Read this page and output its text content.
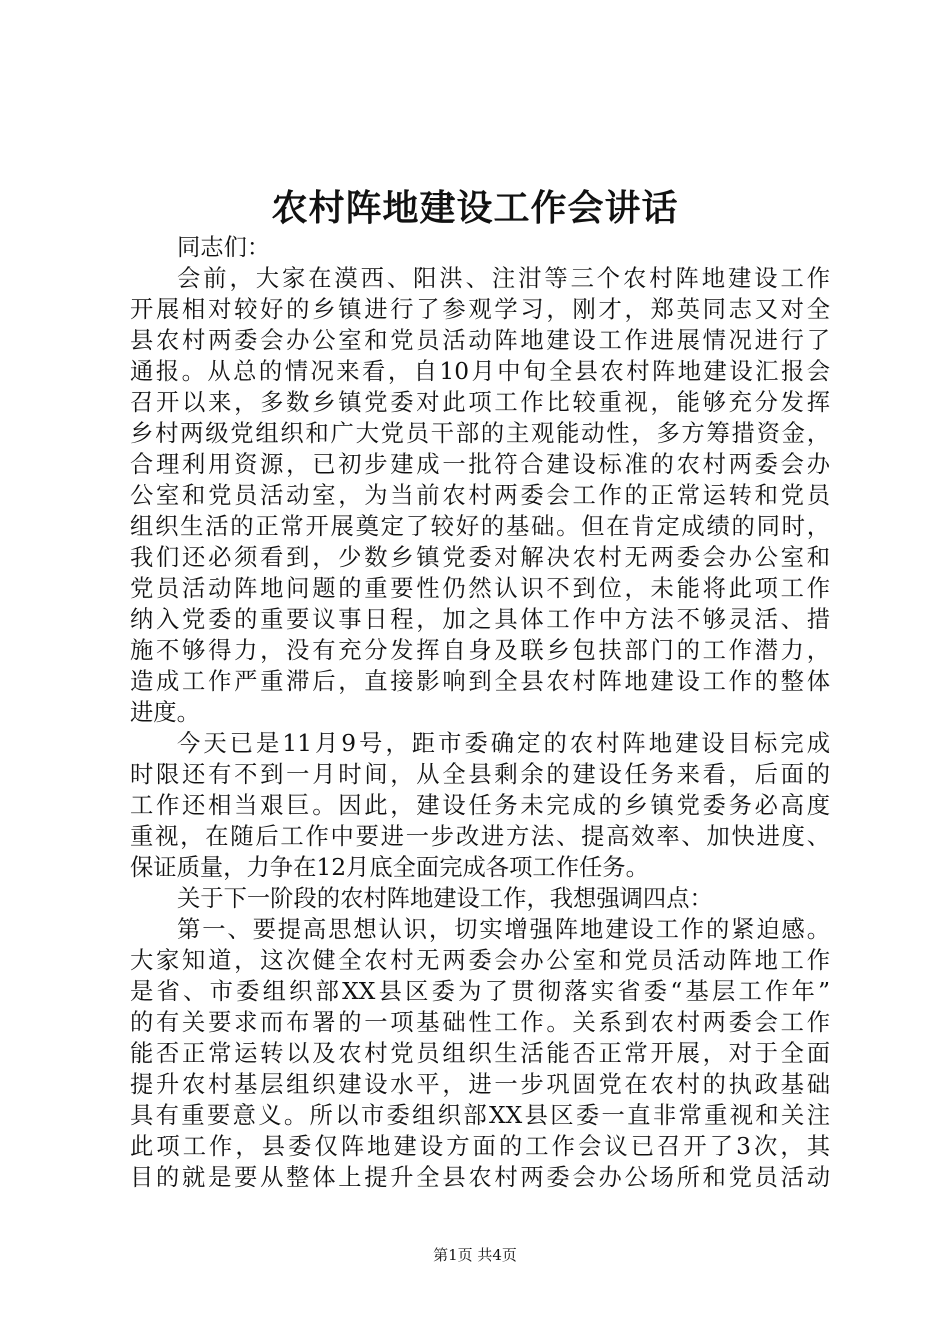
农村阵地建设工作会讲话
同志们：
会前，大家在漠西、阳洪、注泔等三个农村阵地建设工作
开展相对较好的乡镇进行了参观学习，刚才，郑英同志又对全
县农村两委会办公室和党员活动阵地建设工作进展情况进行了
通报。从总的情况来看，自10月中旬全县农村阵地建设汇报会
召开以来，多数乡镇党委对此项工作比较重视，能够充分发挥
乡村两级党组织和广大党员干部的主观能动性，多方筹措资金，
合理利用资源，已初步建成一批符合建设标准的农村两委会办
公室和党员活动室，为当前农村两委会工作的正常运转和党员
组织生活的正常开展奠定了较好的基础。但在肯定成绩的同时，
我们还必须看到，少数乡镇党委对解决农村无两委会办公室和
党员活动阵地问题的重要性仍然认识不到位，未能将此项工作
纳入党委的重要议事日程，加之具体工作中方法不够灵活、措
施不够得力，没有充分发挥自身及联乡包扶部门的工作潜力，
造成工作严重滞后，直接影响到全县农村阵地建设工作的整体
进度。
今天已是11月9号，距市委确定的农村阵地建设目标完成
时限还有不到一月时间，从全县剩余的建设任务来看，后面的
工作还相当艰巨。因此，建设任务未完成的乡镇党委务必高度
重视，在随后工作中要进一步改进方法、提高效率、加快进度、
保证质量，力争在12月底全面完成各项工作任务。
关于下一阶段的农村阵地建设工作，我想强调四点：
第一、要提高思想认识，切实增强阵地建设工作的紧迫感。
大家知道，这次健全农村无两委会办公室和党员活动阵地工作
是省、市委组织部XX县区委为了贯彻落实省委“基层工作年”
的有关要求而布署的一项基础性工作。关系到农村两委会工作
能否正常运转以及农村党员组织生活能否正常开展，对于全面
提升农村基层组织建设水平，进一步巩固党在农村的执政基础
具有重要意义。所以市委组织部XX县区委一直非常重视和关注
此项工作，县委仅阵地建设方面的工作会议已召开了3次，其
目的就是要从整体上提升全县农村两委会办公场所和党员活动
第1页 共4页
